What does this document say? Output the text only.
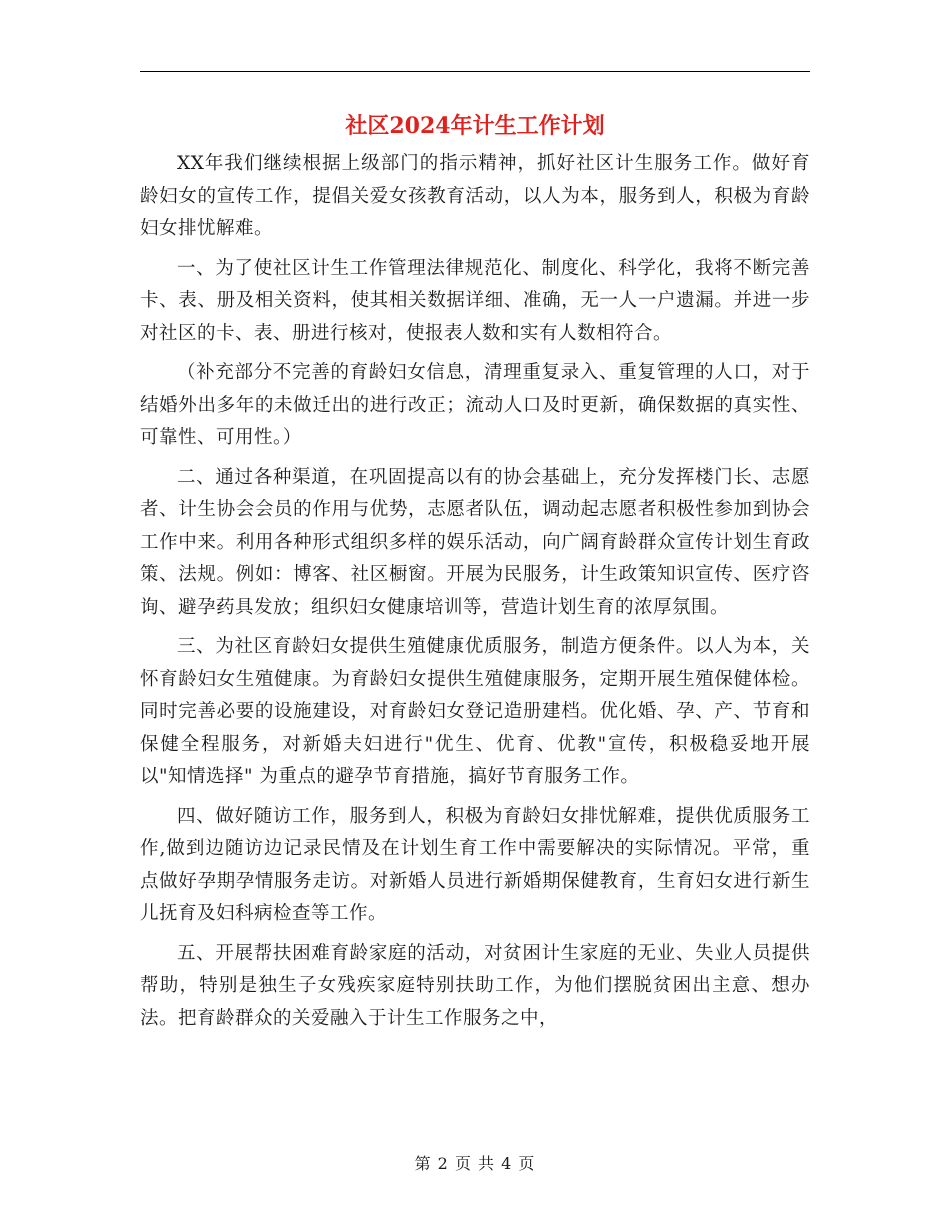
社区2024年计生工作计划

XX年我们继续根据上级部门的指示精神，抓好社区计生服务工作。做好育龄妇女的宣传工作，提倡关爱女孩教育活动，以人为本，服务到人，积极为育龄妇女排忧解难。

一、为了使社区计生工作管理法律规范化、制度化、科学化，我将不断完善卡、表、册及相关资料，使其相关数据详细、准确，无一人一户遗漏。并进一步对社区的卡、表、册进行核对，使报表人数和实有人数相符合。

（补充部分不完善的育龄妇女信息，清理重复录入、重复管理的人口，对于结婚外出多年的未做迁出的进行改正；流动人口及时更新，确保数据的真实性、可靠性、可用性。）

二、通过各种渠道，在巩固提高以有的协会基础上，充分发挥楼门长、志愿者、计生协会会员的作用与优势，志愿者队伍，调动起志愿者积极性参加到协会工作中来。利用各种形式组织多样的娱乐活动，向广阔育龄群众宣传计划生育政策、法规。例如：博客、社区橱窗。开展为民服务，计生政策知识宣传、医疗咨询、避孕药具发放；组织妇女健康培训等，营造计划生育的浓厚氛围。

三、为社区育龄妇女提供生殖健康优质服务，制造方便条件。以人为本，关怀育龄妇女生殖健康。为育龄妇女提供生殖健康服务，定期开展生殖保健体检。同时完善必要的设施建设，对育龄妇女登记造册建档。优化婚、孕、产、节育和保健全程服务，对新婚夫妇进行"优生、优育、优教"宣传，积极稳妥地开展以"知情选择" 为重点的避孕节育措施，搞好节育服务工作。

四、做好随访工作，服务到人，积极为育龄妇女排忧解难，提供优质服务工作,做到边随访边记录民情及在计划生育工作中需要解决的实际情况。平常，重点做好孕期孕情服务走访。对新婚人员进行新婚期保健教育，生育妇女进行新生儿抚育及妇科病检查等工作。

五、开展帮扶困难育龄家庭的活动，对贫困计生家庭的无业、失业人员提供帮助，特别是独生子女残疾家庭特别扶助工作，为他们摆脱贫困出主意、想办法。把育龄群众的关爱融入于计生工作服务之中，

第 2 页 共 4 页
